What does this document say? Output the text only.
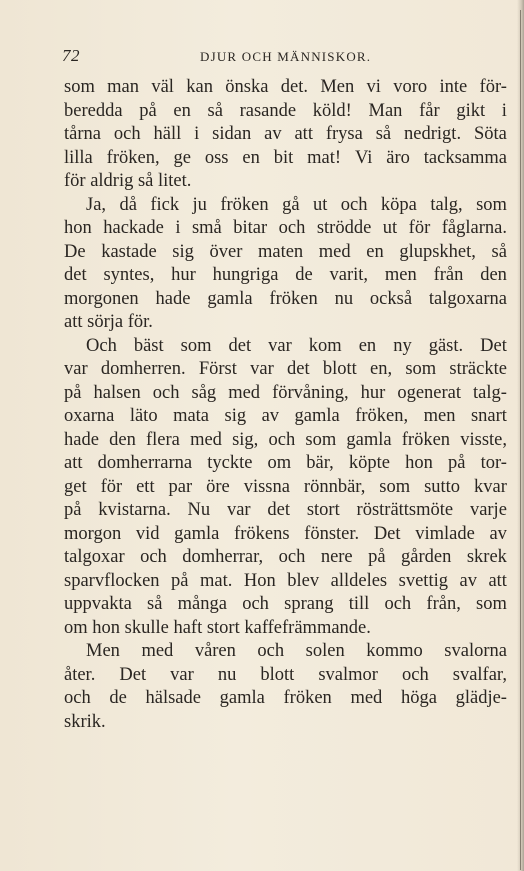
72	DJUR OCH MÄNNISKOR.
som man väl kan önska det. Men vi voro inte för-
beredda på en så rasande köld! Man får gikt i
tårna och häll i sidan av att frysa så nedrigt. Söta
lilla fröken, ge oss en bit mat! Vi äro tacksamma
för aldrig så litet.
Ja, då fick ju fröken gå ut och köpa talg, som
hon hackade i små bitar och strödde ut för fåglarna.
De kastade sig över maten med en glupskhet, så
det syntes, hur hungriga de varit, men från den
morgonen hade gamla fröken nu också talgoxarna
att sörja för.
Och bäst som det var kom en ny gäst. Det
var domherren. Först var det blott en, som sträckte
på halsen och såg med förvåning, hur ogenerat talg-
oxarna läto mata sig av gamla fröken, men snart
hade den flera med sig, och som gamla fröken visste,
att domherrarna tyckte om bär, köpte hon på tor-
get för ett par öre vissna rönnbär, som sutto kvar
på kvistarna. Nu var det stort rösträttsmöte varje
morgon vid gamla frökens fönster. Det vimlade av
talgoxar och domherrar, och nere på gården skrek
sparvflocken på mat. Hon blev alldeles svettig av att
uppvakta så många och sprang till och från, som
om hon skulle haft stort kaffefrämmande.
Men med våren och solen kommo svalorna
åter. Det var nu blott svalmor och svalfar,
och de hälsade gamla fröken med höga glädje-
skrik.
